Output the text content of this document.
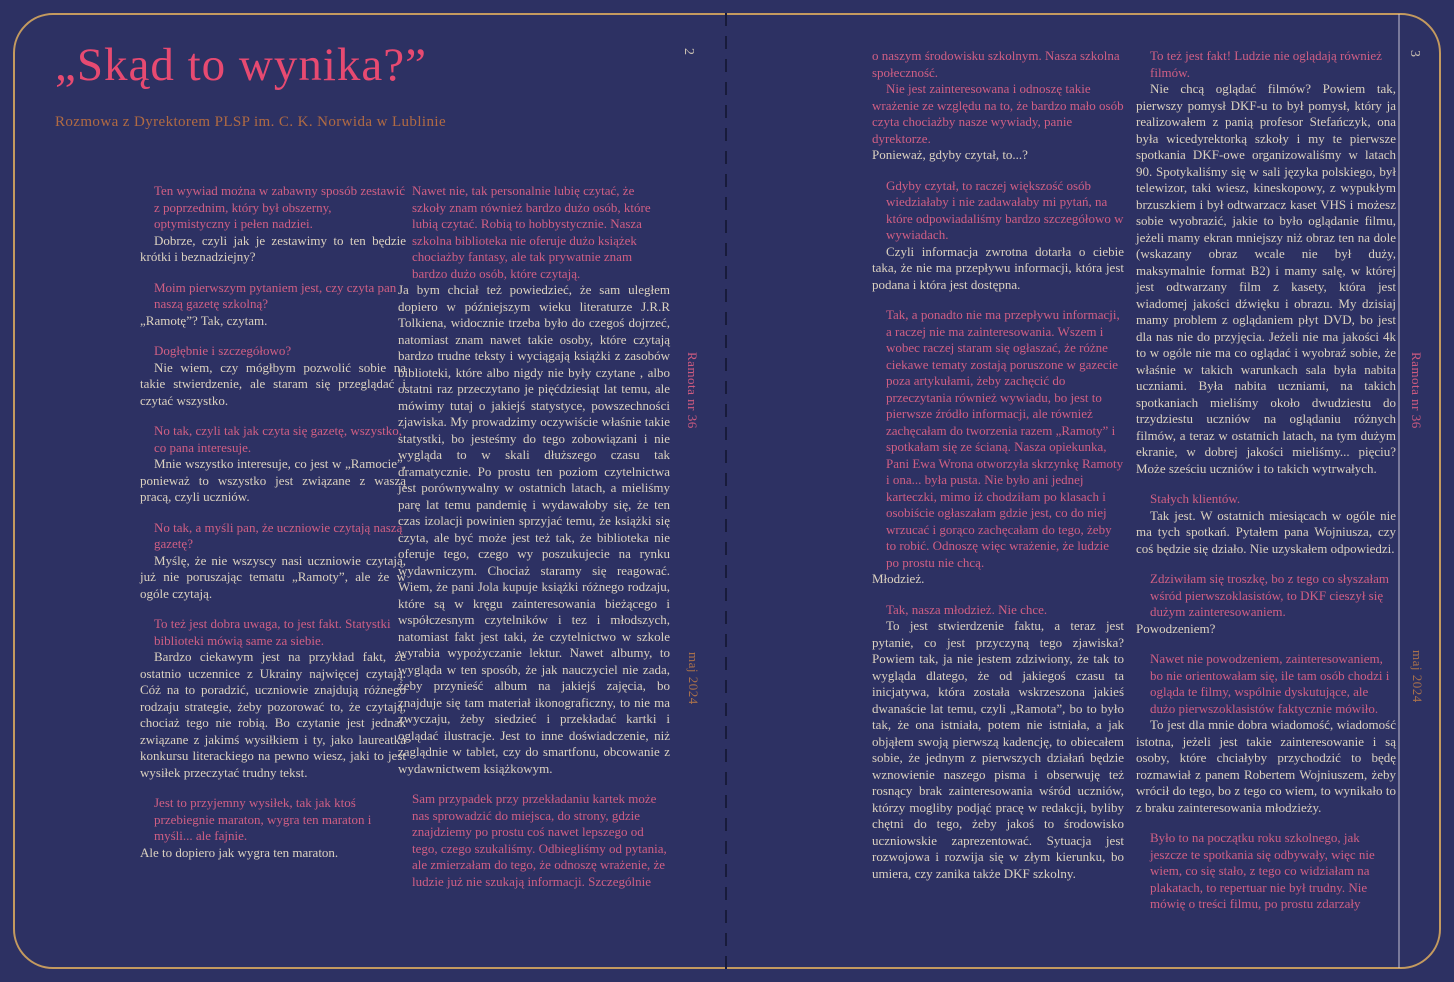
„Skąd to wynika?”
Rozmowa z Dyrektorem PLSP im. C. K. Norwida w Lublinie

Ten wywiad można w zabawny sposób zestawić z poprzednim, który był obszerny, optymistyczny i pełen nadziei.

Dobrze, czyli jak je zestawimy to ten będzie krótki i beznadziejny?

Moim pierwszym pytaniem jest, czy czyta pan naszą gazetę szkolną?

„Ramotę”? Tak, czytam.

Dogłębnie i szczegółowo?

Nie wiem, czy mógłbym pozwolić sobie na takie stwierdzenie, ale staram się przeglądać i czytać wszystko.

No tak, czyli tak jak czyta się gazetę, wszystko, co pana interesuje.

Mnie wszystko interesuje, co jest w „Ramocie”, ponieważ to wszystko jest związane z waszą pracą, czyli uczniów.

No tak, a myśli pan, że uczniowie czytają naszą gazetę?

Myślę, że nie wszyscy nasi uczniowie czytają, już nie poruszając tematu „Ramoty”, ale że w ogóle czytają.

To też jest dobra uwaga, to jest fakt. Statystki biblioteki mówią same za siebie.

Bardzo ciekawym jest na przykład fakt, że ostatnio uczennice z Ukrainy najwięcej czytają. Cóż na to poradzić, uczniowie znajdują różnego rodzaju strategie, żeby pozorować to, że czytają, chociaż tego nie robią. Bo czytanie jest jednak związane z jakimś wysiłkiem i ty, jako laureatka konkursu literackiego na pewno wiesz, jaki to jest wysiłek przeczytać trudny tekst.

Jest to przyjemny wysiłek, tak jak ktoś przebiegnie maraton, wygra ten maraton i myśli... ale fajnie.

Ale to dopiero jak wygra ten maraton.

Nawet nie, tak personalnie lubię czytać, że szkoły znam również bardzo dużo osób, które lubią czytać. Robią to hobbystycznie. Nasza szkolna biblioteka nie oferuje dużo książek chociażby fantasy, ale tak prywatnie znam bardzo dużo osób, które czytają.

Ja bym chciał też powiedzieć, że sam uległem dopiero w późniejszym wieku literaturze J.R.R Tolkiena, widocznie trzeba było do czegoś dojrzeć, natomiast znam nawet takie osoby, które czytają bardzo trudne teksty i wyciągają książki z zasobów biblioteki, które albo nigdy nie były czytane , albo ostatni raz przeczytano je pięćdziesiąt lat temu, ale mówimy tutaj o jakiejś statystyce, powszechności zjawiska. My prowadzimy oczywiście właśnie takie statystki, bo jesteśmy do tego zobowiązani i nie wygląda to w skali dłuższego czasu tak dramatycznie. Po prostu ten poziom czytelnictwa jest porównywalny w ostatnich latach, a mieliśmy parę lat temu pandemię i wydawałoby się, że ten czas izolacji powinien sprzyjać temu, że książki się czyta, ale być może jest też tak, że biblioteka nie oferuje tego, czego wy poszukujecie na rynku wydawniczym. Chociaż staramy się reagować. Wiem, że pani Jola kupuje książki różnego rodzaju, które są w kręgu zainteresowania bieżącego i współczesnym czytelników i tez i młodszych, natomiast fakt jest taki, że czytelnictwo w szkole wyrabia wypożyczanie lektur. Nawet albumy, to wygląda w ten sposób, że jak nauczyciel nie zada, żeby przynieść album na jakiejś zajęcia, bo znajduje się tam materiał ikonograficzny, to nie ma zwyczaju, żeby siedzieć i przekładać kartki i oglądać ilustracje. Jest to inne doświadczenie, niż zaglądnie w tablet, czy do smartfonu, obcowanie z wydawnictwem książkowym.

Sam przypadek przy przekładaniu kartek może nas sprowadzić do miejsca, do strony, gdzie znajdziemy po prostu coś nawet lepszego od tego, czego szukaliśmy. Odbiegliśmy od pytania, ale zmierzałam do tego, że odnoszę wrażenie, że ludzie już nie szukają informacji. Szczególnie

o naszym środowisku szkolnym. Nasza szkolna społeczność.

Nie jest zainteresowana i odnoszę takie wrażenie ze względu na to, że bardzo mało osób czyta chociażby nasze wywiady, panie dyrektorze.

Ponieważ, gdyby czytał, to...?

Gdyby czytał, to raczej większość osób wiedziałaby i nie zadawałaby mi pytań, na które odpowiadaliśmy bardzo szczegółowo w wywiadach.

Czyli informacja zwrotna dotarła o ciebie taka, że nie ma przepływu informacji, która jest podana i która jest dostępna.

Tak, a ponadto nie ma przepływu informacji, a raczej nie ma zainteresowania. Wszem i wobec raczej staram się ogłaszać, że różne ciekawe tematy zostają poruszone w gazecie poza artykułami, żeby zachęcić do przeczytania również wywiadu, bo jest to pierwsze źródło informacji, ale również zachęcałam do tworzenia razem „Ramoty” i spotkałam się ze ścianą. Nasza opiekunka, Pani Ewa Wrona otworzyła skrzynkę Ramoty i ona... była pusta. Nie było ani jednej karteczki, mimo iż chodziłam po klasach i osobiście ogłaszałam gdzie jest, co do niej wrzucać i gorąco zachęcałam do tego, żeby to robić. Odnoszę więc wrażenie, że ludzie po prostu nie chcą.

Młodzież.

Tak, nasza młodzież. Nie chce.

To jest stwierdzenie faktu, a teraz jest pytanie, co jest przyczyną tego zjawiska? Powiem tak, ja nie jestem zdziwiony, że tak to wygląda dlatego, że od jakiegoś czasu ta inicjatywa, która została wskrzeszona jakieś dwanaście lat temu, czyli „Ramota”, bo to było tak, że ona istniała, potem nie istniała, a jak objąłem swoją pierwszą kadencję, to obiecałem sobie, że jednym z pierwszych działań będzie wznowienie naszego pisma i obserwuję też rosnący brak zainteresowania wśród uczniów, którzy mogliby podjąć pracę w redakcji, byliby chętni do tego, żeby jakoś to środowisko uczniowskie zaprezentować. Sytuacja jest rozwojowa i rozwija się w złym kierunku, bo umiera, czy zanika także DKF szkolny.

To też jest fakt! Ludzie nie oglądają również filmów.

Nie chcą oglądać filmów? Powiem tak, pierwszy pomysł DKF-u to był pomysł, który ja realizowałem z panią profesor Stefańczyk, ona była wicedyrektorką szkoły i my te pierwsze spotkania DKF-owe organizowaliśmy w latach 90. Spotykaliśmy się w sali języka polskiego, był telewizor, taki wiesz, kineskopowy, z wypukłym brzuszkiem i był odtwarzacz kaset VHS i możesz sobie wyobrazić, jakie to było oglądanie filmu, jeżeli mamy ekran mniejszy niż obraz ten na dole (wskazany obraz wcale nie był duży, maksymalnie format B2) i mamy salę, w której jest odtwarzany film z kasety, która jest wiadomej jakości dźwięku i obrazu. My dzisiaj mamy problem z oglądaniem płyt DVD, bo jest dla nas nie do przyjęcia. Jeżeli nie ma jakości 4k to w ogóle nie ma co oglądać i wyobraź sobie, że właśnie w takich warunkach sala była nabita uczniami. Była nabita uczniami, na takich spotkaniach mieliśmy około dwudziestu do trzydziestu uczniów na oglądaniu różnych filmów, a teraz w ostatnich latach, na tym dużym ekranie, w dobrej jakości mieliśmy... pięciu? Może sześciu uczniów i to takich wytrwałych.

Stałych klientów.

Tak jest. W ostatnich miesiącach w ogóle nie ma tych spotkań. Pytałem pana Wojniusza, czy coś będzie się działo. Nie uzyskałem odpowiedzi.

Zdziwiłam się troszkę, bo z tego co słyszałam wśród pierwszoklasistów, to DKF cieszył się dużym zainteresowaniem.

Powodzeniem?

Nawet nie powodzeniem, zainteresowaniem, bo nie orientowałam się, ile tam osób chodzi i ogląda te filmy, wspólnie dyskutujące, ale dużo pierwszoklasistów faktycznie mówiło.

To jest dla mnie dobra wiadomość, wiadomość istotna, jeżeli jest takie zainteresowanie i są osoby, które chciałyby przychodzić to będę rozmawiał z panem Robertem Wojniuszem, żeby wrócił do tego, bo z tego co wiem, to wynikało to z braku zainteresowania młodzieży.

Było to na początku roku szkolnego, jak jeszcze te spotkania się odbywały, więc nie wiem, co się stało, z tego co widziałam na plakatach, to repertuar nie był trudny. Nie mówię o treści filmu, po prostu zdarzały

2
Ramota nr 36
maj 2024
3
Ramota nr 36
maj 2024
